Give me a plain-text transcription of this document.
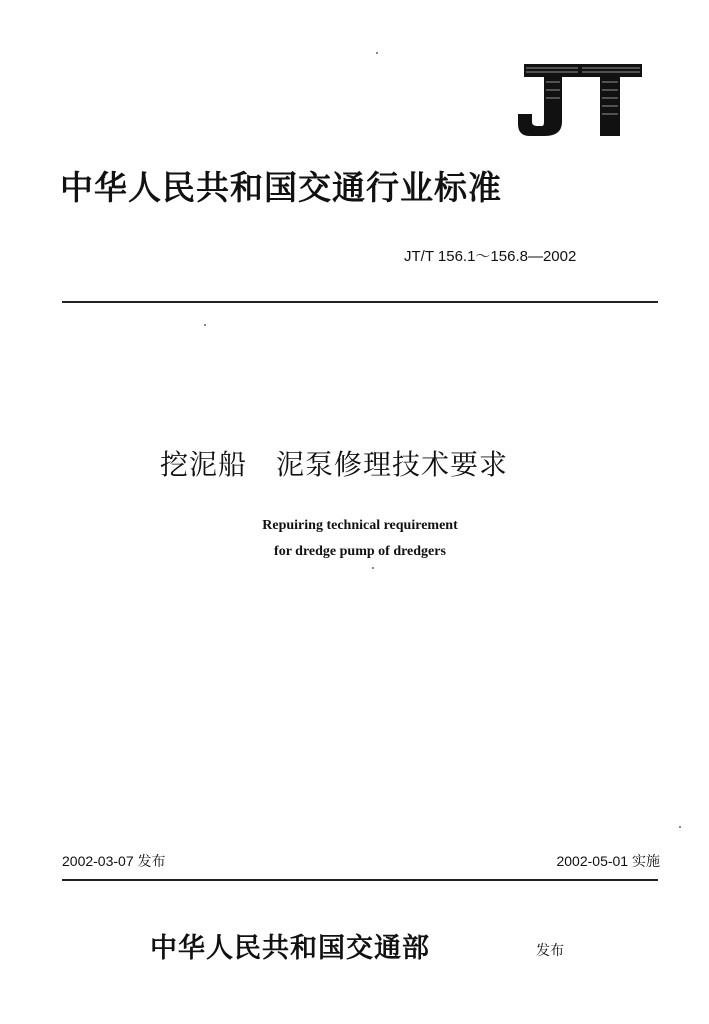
中华人民共和国交通行业标准
JT/T 156.1～156.8—2002
挖泥船　泥泵修理技术要求
Repuiring technical requirement
for dredge pump of dredgers
2002-03-07 发布	2002-05-01 实施
中华人民共和国交通部	发布
